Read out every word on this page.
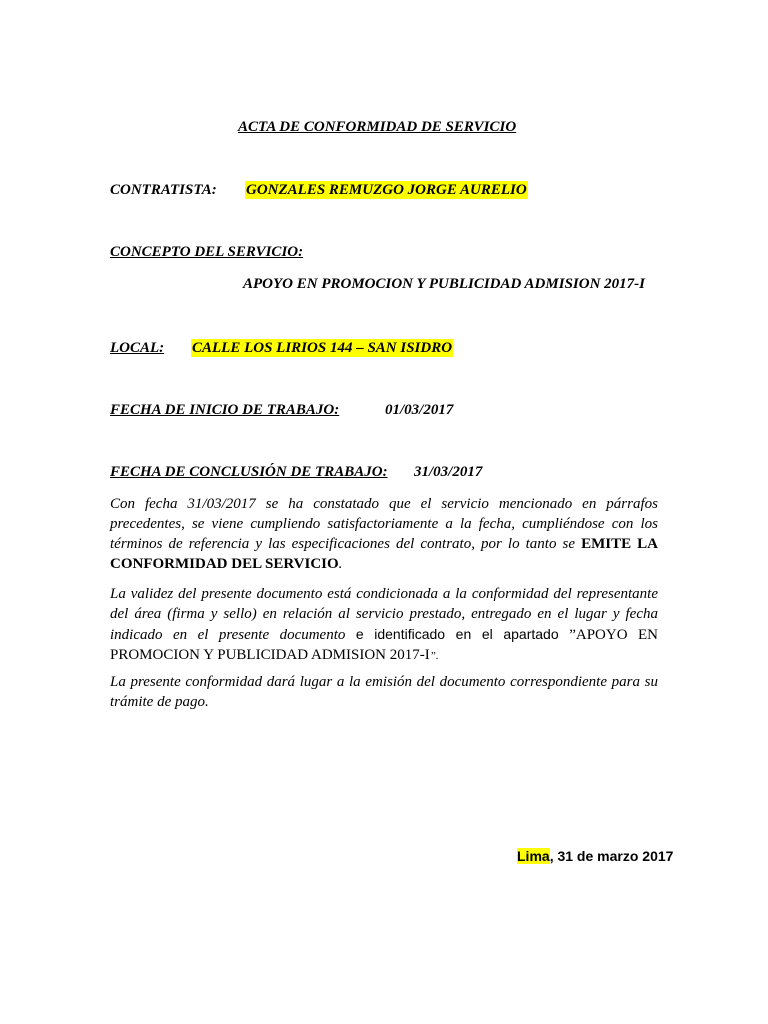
ACTA DE CONFORMIDAD DE SERVICIO
CONTRATISTA: GONZALES REMUZGO JORGE AURELIO
CONCEPTO DEL SERVICIO:
APOYO EN PROMOCION Y PUBLICIDAD ADMISION 2017-I
LOCAL:	CALLE LOS LIRIOS 144 – SAN ISIDRO
FECHA DE INICIO DE TRABAJO:	01/03/2017
FECHA DE CONCLUSIÓN DE TRABAJO: 31/03/2017

Con fecha 31/03/2017 se ha constatado que el servicio mencionado en párrafos precedentes, se viene cumpliendo satisfactoriamente a la fecha, cumpliéndose con los términos de referencia y las especificaciones del contrato, por lo tanto se EMITE LA CONFORMIDAD DEL SERVICIO.

La validez del presente documento está condicionada a la conformidad del representante del área (firma y sello) en relación al servicio prestado, entregado en el lugar y fecha indicado en el presente documento e identificado en el apartado ”APOYO EN PROMOCION Y PUBLICIDAD ADMISION 2017-I”.

La presente conformidad dará lugar a la emisión del documento correspondiente para su trámite de pago.

Lima, 31 de marzo 2017
